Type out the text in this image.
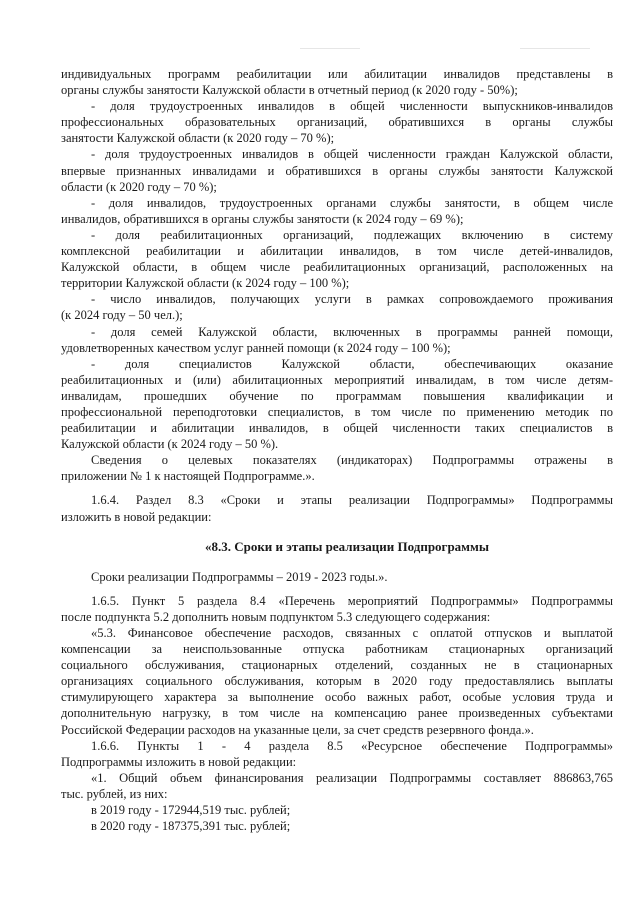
индивидуальных программ реабилитации или абилитации инвалидов представлены в
органы службы занятости Калужской области в отчетный период (к 2020 году - 50%);
- доля трудоустроенных инвалидов в общей численности выпускников-инвалидов
профессиональных образовательных организаций, обратившихся в органы службы
занятости Калужской области (к 2020 году – 70 %);
- доля трудоустроенных инвалидов в общей численности граждан Калужской области,
впервые признанных инвалидами и обратившихся в органы службы занятости Калужской
области (к 2020 году – 70 %);
- доля инвалидов, трудоустроенных органами службы занятости, в общем числе
инвалидов, обратившихся в органы службы занятости (к 2024 году – 69 %);
- доля реабилитационных организаций, подлежащих включению в систему
комплексной реабилитации и абилитации инвалидов, в том числе детей-инвалидов,
Калужской области, в общем числе реабилитационных организаций, расположенных на
территории Калужской области (к 2024 году – 100 %);
- число инвалидов, получающих услуги в рамках сопровождаемого проживания
(к 2024 году – 50 чел.);
- доля семей Калужской области, включенных в программы ранней помощи,
удовлетворенных качеством услуг ранней помощи (к 2024 году – 100 %);
- доля специалистов Калужской области, обеспечивающих оказание
реабилитационных и (или) абилитационных мероприятий инвалидам, в том числе детям-
инвалидам, прошедших обучение по программам повышения квалификации и
профессиональной переподготовки специалистов, в том числе по применению методик по
реабилитации и абилитации инвалидов, в общей численности таких специалистов в
Калужской области (к 2024 году – 50 %).
Сведения о целевых показателях (индикаторах) Подпрограммы отражены в
приложении № 1 к настоящей Подпрограмме.».
1.6.4. Раздел 8.3 «Сроки и этапы реализации Подпрограммы» Подпрограммы
изложить в новой редакции:
«8.3. Сроки и этапы реализации Подпрограммы
Сроки реализации Подпрограммы – 2019 - 2023 годы.».
1.6.5. Пункт 5 раздела 8.4 «Перечень мероприятий Подпрограммы» Подпрограммы
после подпункта 5.2 дополнить новым подпунктом 5.3 следующего содержания:
«5.3. Финансовое обеспечение расходов, связанных с оплатой отпусков и выплатой
компенсации за неиспользованные отпуска работникам стационарных организаций
социального обслуживания, стационарных отделений, созданных не в стационарных
организациях социального обслуживания, которым в 2020 году предоставлялись выплаты
стимулирующего характера за выполнение особо важных работ, особые условия труда и
дополнительную нагрузку, в том числе на компенсацию ранее произведенных субъектами
Российской Федерации расходов на указанные цели, за счет средств резервного фонда.».
1.6.6. Пункты 1 - 4 раздела 8.5 «Ресурсное обеспечение Подпрограммы»
Подпрограммы изложить в новой редакции:
«1. Общий объем финансирования реализации Подпрограммы составляет 886863,765
тыс. рублей, из них:
в 2019 году - 172944,519 тыс. рублей;
в 2020 году - 187375,391 тыс. рублей;
